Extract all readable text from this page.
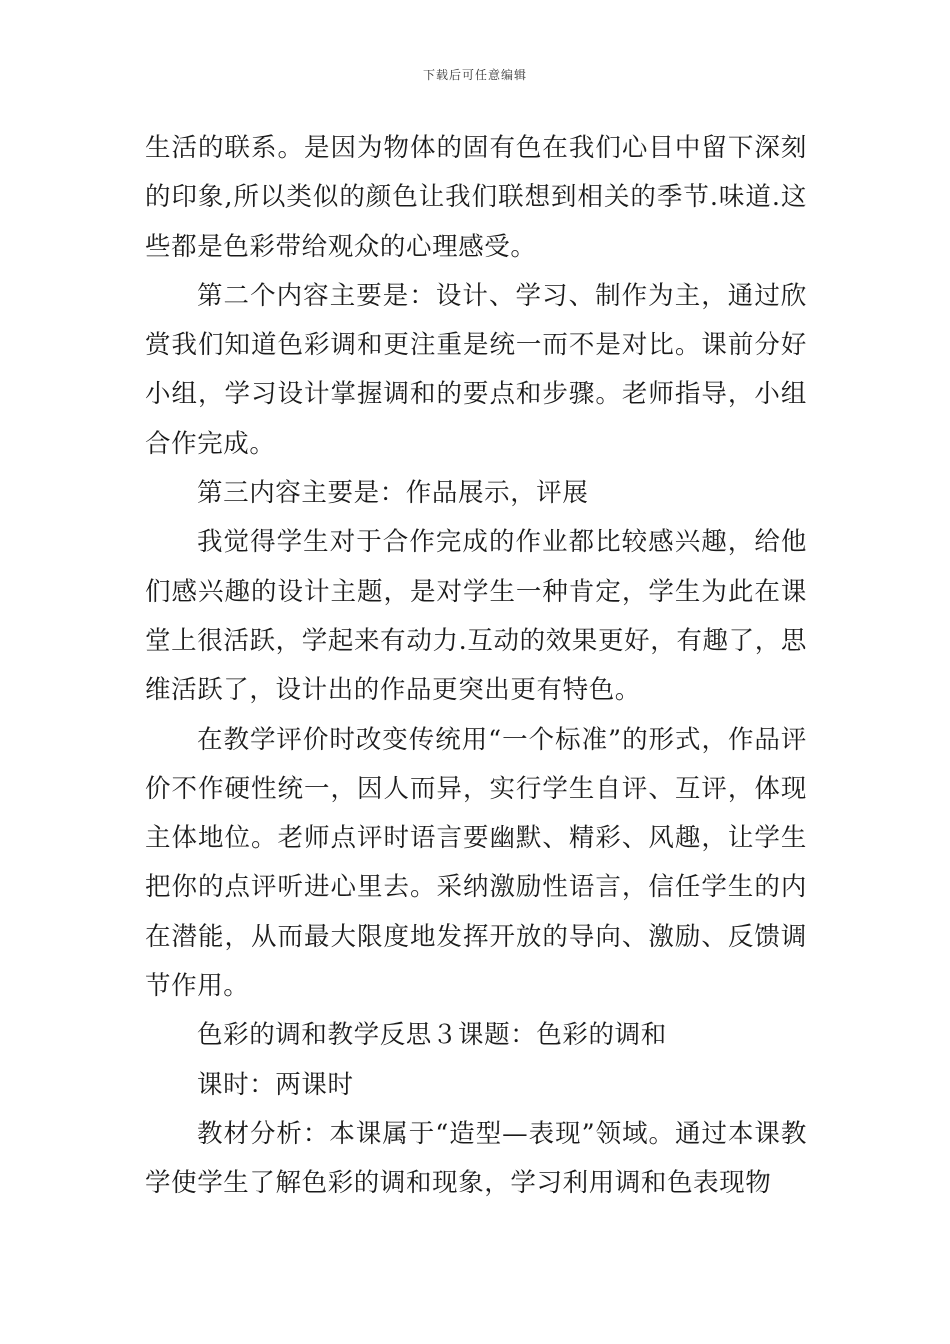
下载后可任意编辑

生活的联系。是因为物体的固有色在我们心目中留下深刻的印象,所以类似的颜色让我们联想到相关的季节.味道.这些都是色彩带给观众的心理感受。

第二个内容主要是：设计、学习、制作为主，通过欣赏我们知道色彩调和更注重是统一而不是对比。课前分好小组，学习设计掌握调和的要点和步骤。老师指导，小组合作完成。

第三内容主要是：作品展示，评展

我觉得学生对于合作完成的作业都比较感兴趣，给他们感兴趣的设计主题，是对学生一种肯定，学生为此在课堂上很活跃，学起来有动力.互动的效果更好，有趣了，思维活跃了，设计出的作品更突出更有特色。

在教学评价时改变传统用“一个标准”的形式，作品评价不作硬性统一，因人而异，实行学生自评、互评，体现主体地位。老师点评时语言要幽默、精彩、风趣，让学生把你的点评听进心里去。采纳激励性语言，信任学生的内在潜能，从而最大限度地发挥开放的导向、激励、反馈调节作用。

色彩的调和教学反思３课题：色彩的调和

课时：两课时

教材分析：本课属于“造型—表现”领域。通过本课教学使学生了解色彩的调和现象，学习利用调和色表现物
